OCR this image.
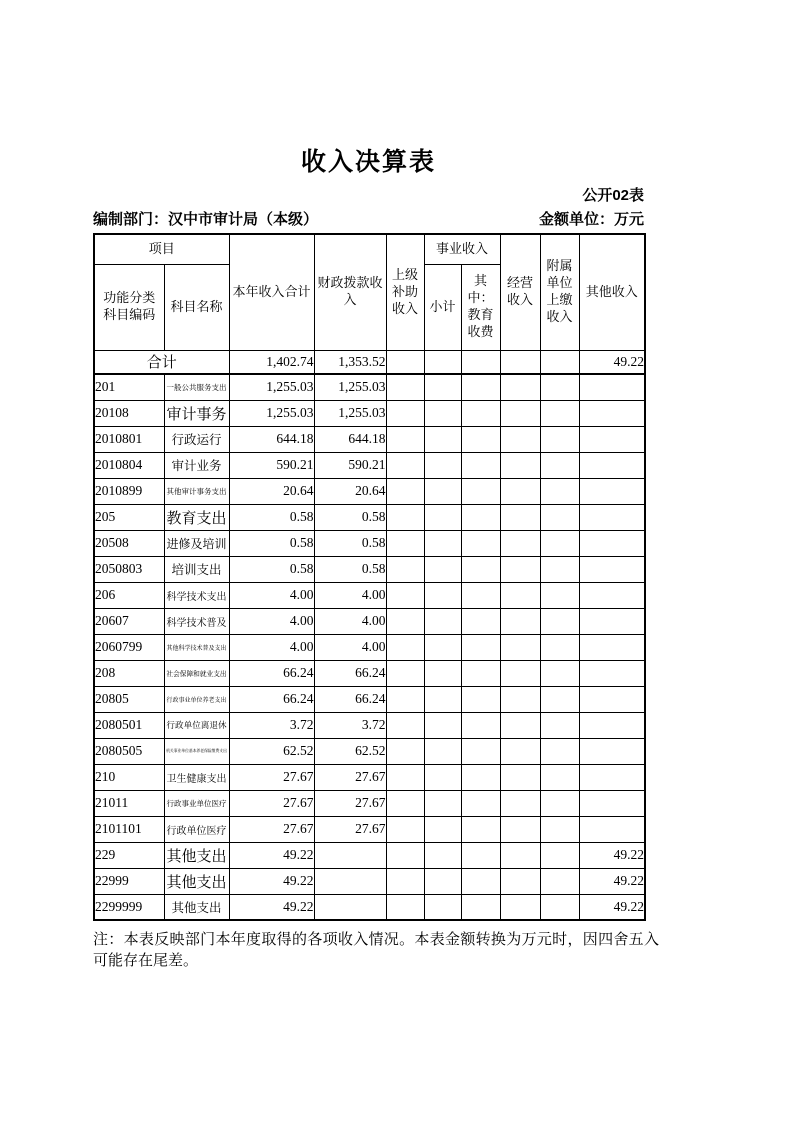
收入决算表
公开02表
编制部门：汉中市审计局（本级）	金额单位：万元
项目		本年收入合计	财政拨款收入	上级补助收入	事业收入		经营收入	附属单位上缴收入	其他收入
功能分类科目编码	科目名称				小计	其中：教育收费			
合计		1,402.74	1,353.52						49.22
201	一般公共服务支出	1,255.03	1,255.03						
20108	审计事务	1,255.03	1,255.03						
2010801	行政运行	644.18	644.18						
2010804	审计业务	590.21	590.21						
2010899	其他审计事务支出	20.64	20.64						
205	教育支出	0.58	0.58						
20508	进修及培训	0.58	0.58						
2050803	培训支出	0.58	0.58						
206	科学技术支出	4.00	4.00						
20607	科学技术普及	4.00	4.00						
2060799	其他科学技术普及支出	4.00	4.00						
208	社会保障和就业支出	66.24	66.24						
20805	行政事业单位养老支出	66.24	66.24						
2080501	行政单位离退休	3.72	3.72						
2080505	机关事业单位基本养老保险缴费支出	62.52	62.52						
210	卫生健康支出	27.67	27.67						
21011	行政事业单位医疗	27.67	27.67						
2101101	行政单位医疗	27.67	27.67						
229	其他支出	49.22							49.22
22999	其他支出	49.22							49.22
2299999	其他支出	49.22							49.22
注：本表反映部门本年度取得的各项收入情况。本表金额转换为万元时，因四舍五入可能存在尾差。
